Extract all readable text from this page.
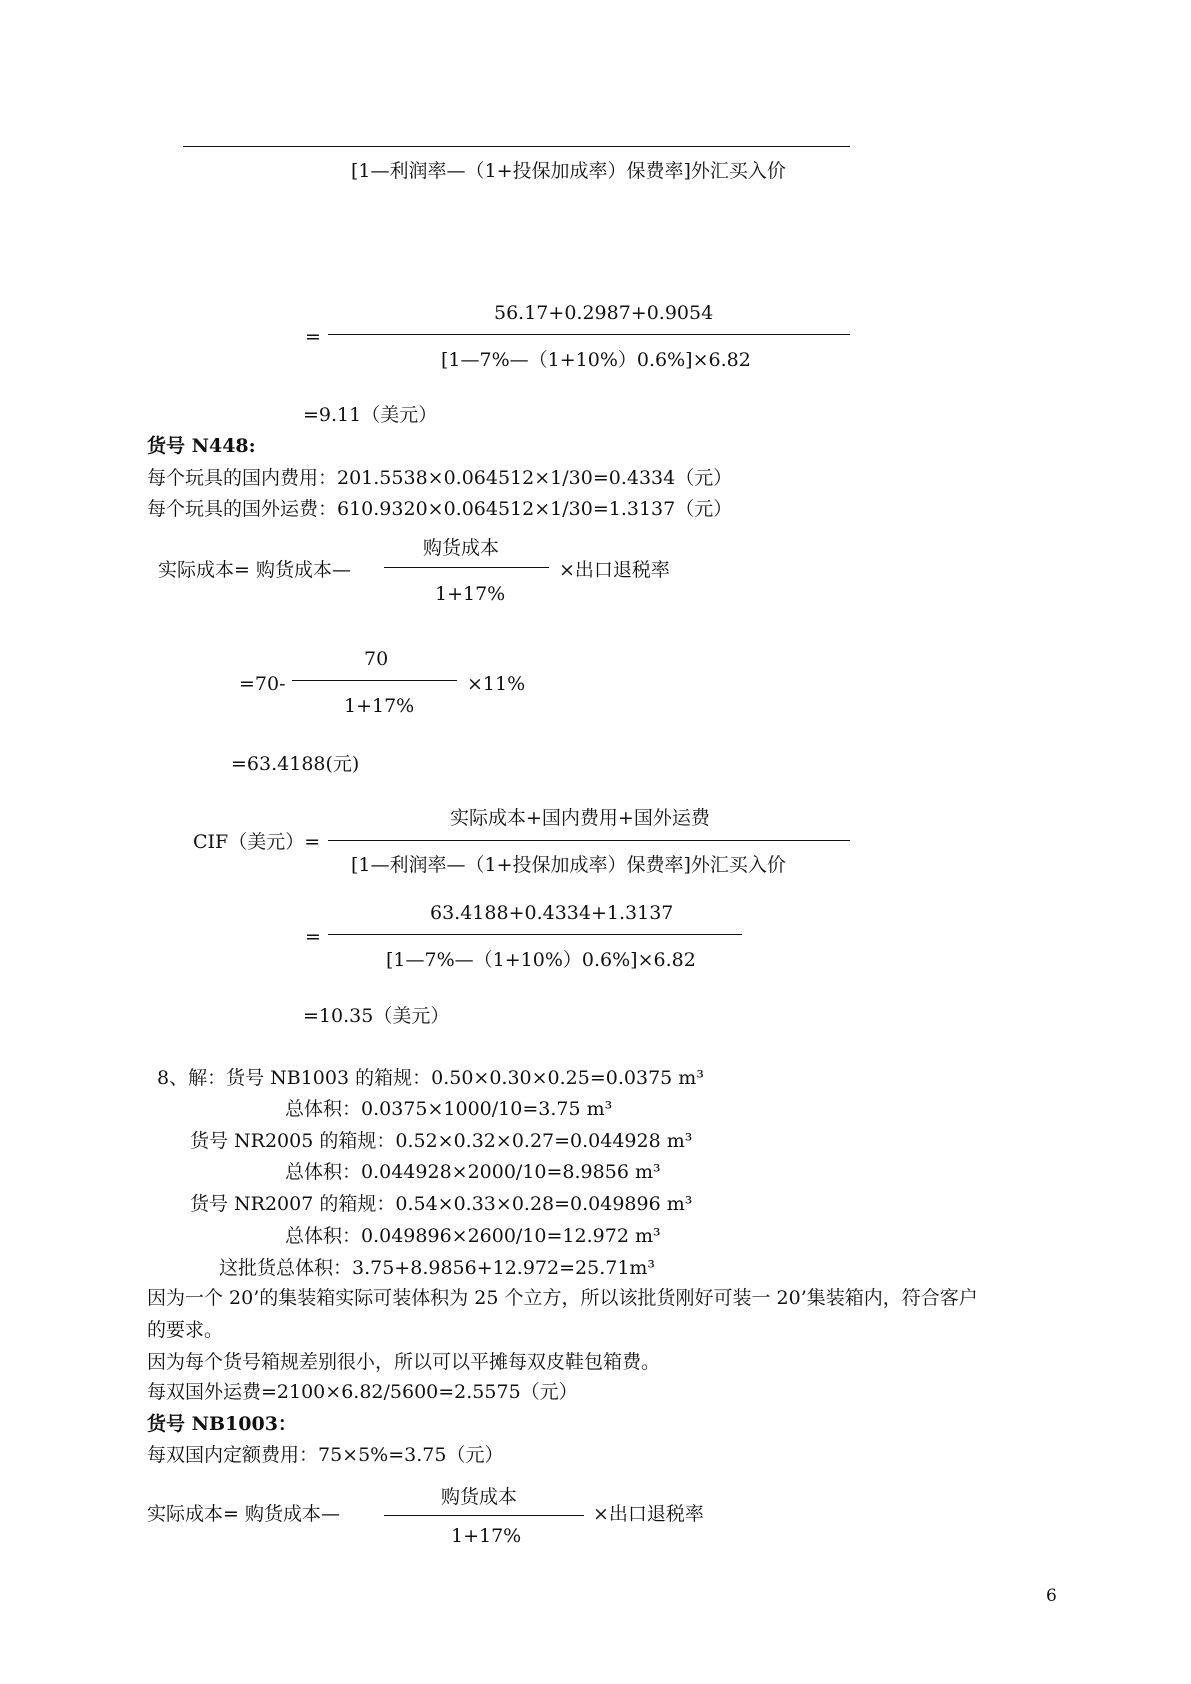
[1—利润率—（1+投保加成率）保费率]外汇买入价
56.17+0.2987+0.9054
=
[1—7%—（1+10%）0.6%]×6.82
=9.11（美元）
货号 N448:
每个玩具的国内费用：201.5538×0.064512×1/30=0.4334（元）
每个玩具的国外运费：610.9320×0.064512×1/30=1.3137（元）
购货成本
实际成本= 购货成本—	×出口退税率
1+17%
70
=70-	×11%
1+17%
=63.4188(元)
实际成本+国内费用+国外运费
CIF（美元）=
[1—利润率—（1+投保加成率）保费率]外汇买入价
63.4188+0.4334+1.3137
=
[1—7%—（1+10%）0.6%]×6.82
=10.35（美元）
8、解：货号 NB1003 的箱规：0.50×0.30×0.25=0.0375 m³
总体积：0.0375×1000/10=3.75 m³
货号 NR2005 的箱规：0.52×0.32×0.27=0.044928 m³
总体积：0.044928×2000/10=8.9856 m³
货号 NR2007 的箱规：0.54×0.33×0.28=0.049896 m³
总体积：0.049896×2600/10=12.972 m³
这批货总体积：3.75+8.9856+12.972=25.71m³
因为一个 20’的集装箱实际可装体积为 25 个立方，所以该批货刚好可装一 20’集装箱内，符合客户
的要求。
因为每个货号箱规差别很小，所以可以平摊每双皮鞋包箱费。
每双国外运费=2100×6.82/5600=2.5575（元）
货号 NB1003：
每双国内定额费用：75×5%=3.75（元）
购货成本
实际成本= 购货成本—	×出口退税率
1+17%
6
